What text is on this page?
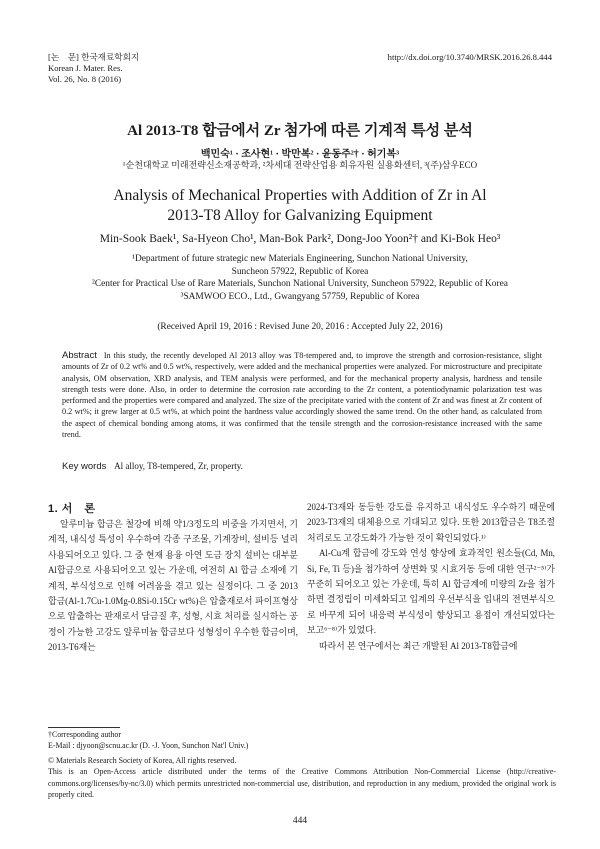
[논　문] 한국재료학회지
Korean J. Mater. Res.
Vol. 26, No. 8 (2016)
http://dx.doi.org/10.3740/MRSK.2016.26.8.444
Al 2013-T8 합금에서 Zr 첨가에 따른 기계적 특성 분석
백민숙¹ · 조사현¹ · 박만복² · 윤동주²† · 허기복³
¹순천대학교 미래전략신소재공학과, ²차세대 전략산업용 희유자원 실용화센터, ³(주)삼우ECO
Analysis of Mechanical Properties with Addition of Zr in Al
2013-T8 Alloy for Galvanizing Equipment
Min-Sook Baek¹, Sa-Hyeon Cho¹, Man-Bok Park², Dong-Joo Yoon²† and Ki-Bok Heo³

¹Department of future strategic new Materials Engineering, Sunchon National University,

Suncheon 57922, Republic of Korea

²Center for Practical Use of Rare Materials, Sunchon National University, Suncheon 57922, Republic of Korea

³SAMWOO ECO., Ltd., Gwangyang 57759, Republic of Korea

(Received April 19, 2016 : Revised June 20, 2016 : Accepted July 22, 2016)
Abstract In this study, the recently developed Al 2013 alloy was T8-tempered and, to improve the strength and corrosion-resistance, slight amounts of Zr of 0.2 wt% and 0.5 wt%, respectively, were added and the mechanical properties were analyzed. For microstructure and precipitate analysis, OM observation, XRD analysis, and TEM analysis were performed, and for the mechanical property analysis, hardness and tensile strength tests were done. Also, in order to determine the corrosion rate according to the Zr content, a potentiodynamic polarization test was performed and the properties were compared and analyzed. The size of the precipitate varied with the content of Zr and was finest at Zr content of 0.2 wt%; it grew larger at 0.5 wt%, at which point the hardness value accordingly showed the same trend. On the other hand, as calculated from the aspect of chemical bonding among atoms, it was confirmed that the tensile strength and the corrosion-resistance increased with the same trend.
Key words Al alloy, T8-tempered, Zr, property.
1. 서　론

알루미늄 합금은 철강에 비해 약1/3정도의 비중을 가지면서, 기계적, 내식성 특성이 우수하여 각종 구조물, 기계장비, 설비등 널리 사용되어오고 있다. 그 중 현재 용융 아연 도금 장치 설비는 대부분 Al합금으로 사용되어오고 있는 가운데, 여전히 Al 합금 소재에 기계적, 부식성으로 인해 어려움을 겪고 있는 실정이다. 그 중 2013 합금(Al-1.7Cu-1.0Mg-0.8Si-0.15Cr wt%)은 압출재로서 파이프형상으로 압출하는 판재로서 담금질 후, 성형, 시효 처리를 실시하는 공정이 가능한 고강도 알루미늄 합금보다 성형성이 우수한 합금이며, 2013-T6재는

2024-T3재와 동등한 강도를 유지하고 내식성도 우수하기 때문에 2023-T3재의 대체용으로 기대되고 있다. 또한 2013합금은 T8조절처리로도 고강도화가 가능한 것이 확인되었다.¹⁾

Al-Cu계 합금에 강도와 연성 향상에 효과적인 원소들(Cd, Mn, Si, Fe, Ti 등)을 첨가하여 상변화 및 시효거동 등에 대한 연구²⁻⁵⁾가 꾸준히 되어오고 있는 가운데, 특히 Al 합금계에 미량의 Zr을 첨가하면 결정립이 미세화되고 입계의 우선부식을 입내의 전면부식으로 바꾸게 되어 내응력 부식성이 향상되고 용접이 개선되었다는 보고⁶⁻⁸⁾가 있었다.

따라서 본 연구에서는 최근 개발된 Al 2013-T8합금에

†Corresponding author

E-Mail : djyoon@scnu.ac.kr (D. -J. Yoon, Sunchon Nat'l Univ.)

© Materials Research Society of Korea, All rights reserved.

This is an Open-Access article distributed under the terms of the Creative Commons Attribution Non-Commercial License (http://creative-commons.org/licenses/by-nc/3.0) which permits unrestricted non-commercial use, distribution, and reproduction in any medium, provided the original work is properly cited.

444
